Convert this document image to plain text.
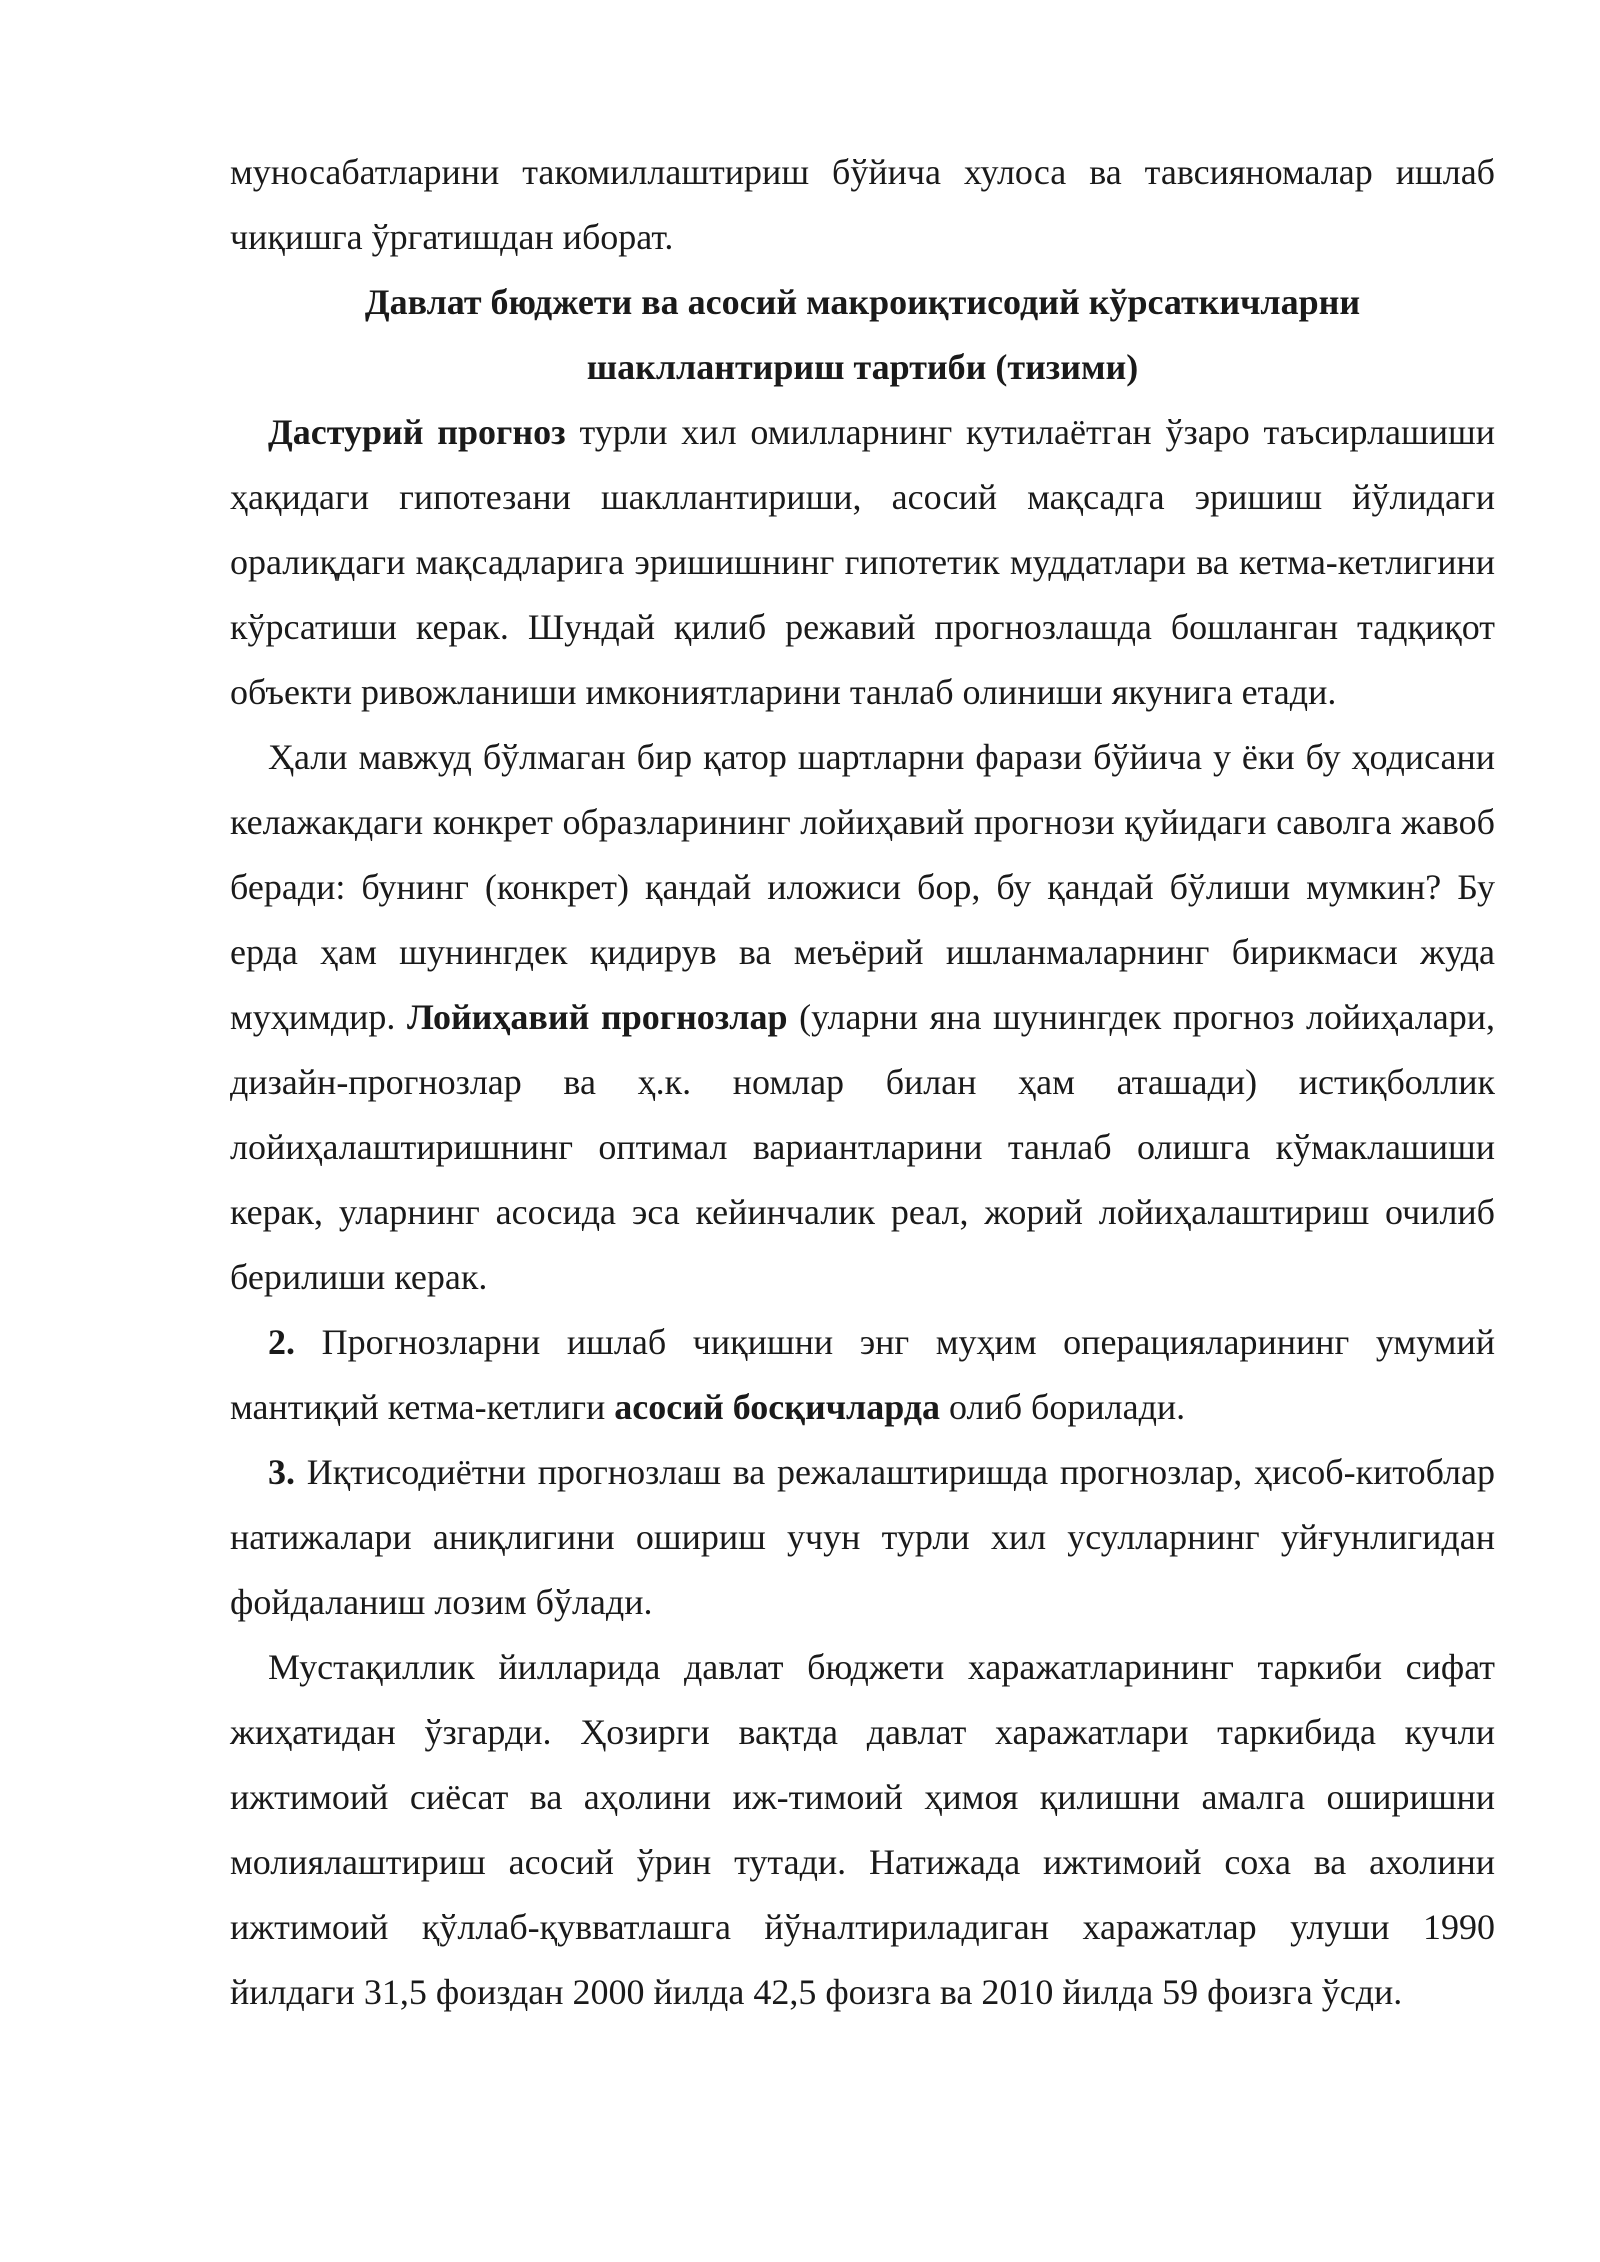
муносабатларини такомиллаштириш бўйича хулоса ва тавсияномалар ишлаб чиқишга ўргатишдан иборат.

Давлат бюджети ва асосий макроиқтисодий кўрсаткичларни шакллантириш тартиби (тизими)

Дастурий прогноз турли хил омилларнинг кутилаётган ўзаро таъсирлашиши ҳақидаги гипотезани шакллантириши, асосий мақсадга эришиш йўлидаги оралиқдаги мақсадларига эришишнинг гипотетик муддатлари ва кетма-кетлигини кўрсатиши керак. Шундай қилиб режавий прогнозлашда бошланган тадқиқот объекти ривожланиши имкониятларини танлаб олиниши якунига етади.

Ҳали мавжуд бўлмаган бир қатор шартларни фарази бўйича у ёки бу ҳодисани келажакдаги конкрет образларининг лойиҳавий прогнози қуйидаги саволга жавоб беради: бунинг (конкрет) қандай иложиси бор, бу қандай бўлиши мумкин? Бу ерда ҳам шунингдек қидирув ва меъёрий ишланмаларнинг бирикмаси жуда муҳимдир. Лойиҳавий прогнозлар (уларни яна шунингдек прогноз лойиҳалари, дизайн-прогнозлар ва ҳ.к. номлар билан ҳам аташади) истиқболлик лойиҳалаштиришнинг оптимал вариантларини танлаб олишга кўмаклашиши керак, уларнинг асосида эса кейинчалик реал, жорий лойиҳалаштириш очилиб берилиши керак.

2. Прогнозларни ишлаб чиқишни энг муҳим операцияларининг умумий мантиқий кетма-кетлиги асосий босқичларда олиб борилади.

3. Иқтисодиётни прогнозлаш ва режалаштиришда прогнозлар, ҳисоб-китоблар натижалари аниқлигини ошириш учун турли хил усулларнинг уйғунлигидан фойдаланиш лозим бўлади.

Мустақиллик йилларида давлат бюджети харажатларининг таркиби сифат жиҳатидан ўзгарди. Ҳозирги вақтда давлат харажатлари таркибида кучли ижтимоий сиёсат ва аҳолини иж-тимоий ҳимоя қилишни амалга оширишни молиялаштириш асосий ўрин тутади. Натижада ижтимоий соха ва ахолини ижтимоий қўллаб-қувватлашга йўналтириладиган харажатлар улуши 1990 йилдаги 31,5 фоиздан 2000 йилда 42,5 фоизга ва 2010 йилда 59 фоизга ўсди.
